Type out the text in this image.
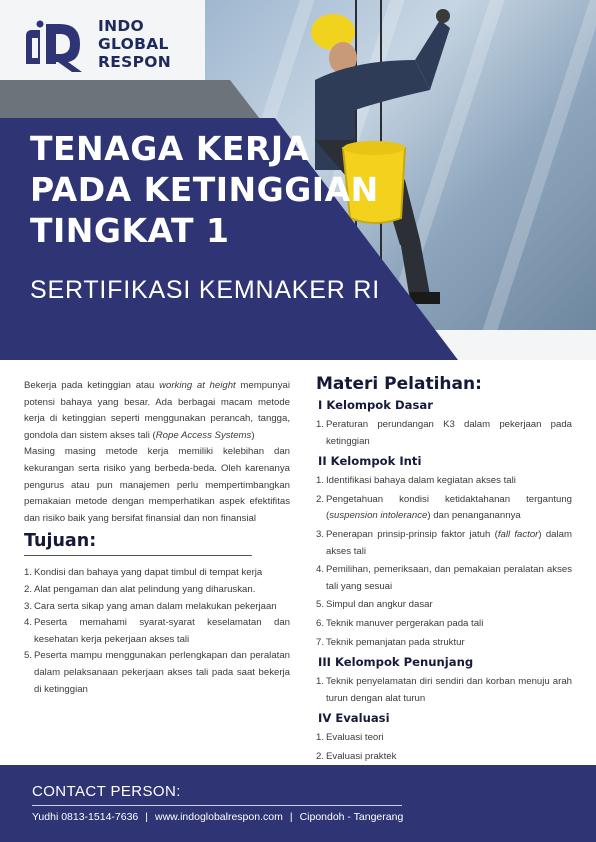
INDO
GLOBAL
RESPON
TENAGA KERJA
PADA KETINGGIAN
TINGKAT 1
SERTIFIKASI KEMNAKER RI

Bekerja pada ketinggian atau working at height mempunyai potensi bahaya yang besar. Ada berbagai macam metode kerja di ketinggian seperti menggunakan perancah, tangga, gondola dan sistem akses tali (Rope Access Systems)

Masing masing metode kerja memiliki kelebihan dan kekurangan serta risiko yang berbeda-beda. Oleh karenanya pengurus atau pun manajemen perlu mempertimbangkan pemakaian metode dengan memperhatikan aspek efektifitas dan risiko baik yang bersifat finansial dan non finansial

Tujuan:
1. Kondisi dan bahaya yang dapat timbul di tempat kerja
2. Alat pengaman dan alat pelindung yang diharuskan.
3. Cara serta sikap yang aman dalam melakukan pekerjaan
4. Peserta memahami syarat-syarat keselamatan dan kesehatan kerja pekerjaan akses tali
5. Peserta mampu menggunakan perlengkapan dan peralatan dalam pelaksanaan pekerjaan akses tali pada saat bekerja di ketinggian
Materi Pelatihan:
I Kelompok Dasar
1. Peraturan perundangan K3 dalam pekerjaan pada ketinggian
II Kelompok Inti
1. Identifikasi bahaya dalam kegiatan akses tali
2. Pengetahuan kondisi ketidaktahanan tergantung (suspension intolerance) dan penanganannya
3. Penerapan prinsip-prinsip faktor jatuh (fall factor) dalam akses tali
4. Pemilihan, pemeriksaan, dan pemakaian peralatan akses tali yang sesuai
5. Simpul dan angkur dasar
6. Teknik manuver pergerakan pada tali
7. Teknik pemanjatan pada struktur
III Kelompok Penunjang
1. Teknik penyelamatan diri sendiri dan korban menuju arah turun dengan alat turun
IV Evaluasi
1. Evaluasi teori
2. Evaluasi praktek
CONTACT PERSON:
Yudhi 0813-1514-7636 | www.indoglobalrespon.com | Cipondoh - Tangerang
